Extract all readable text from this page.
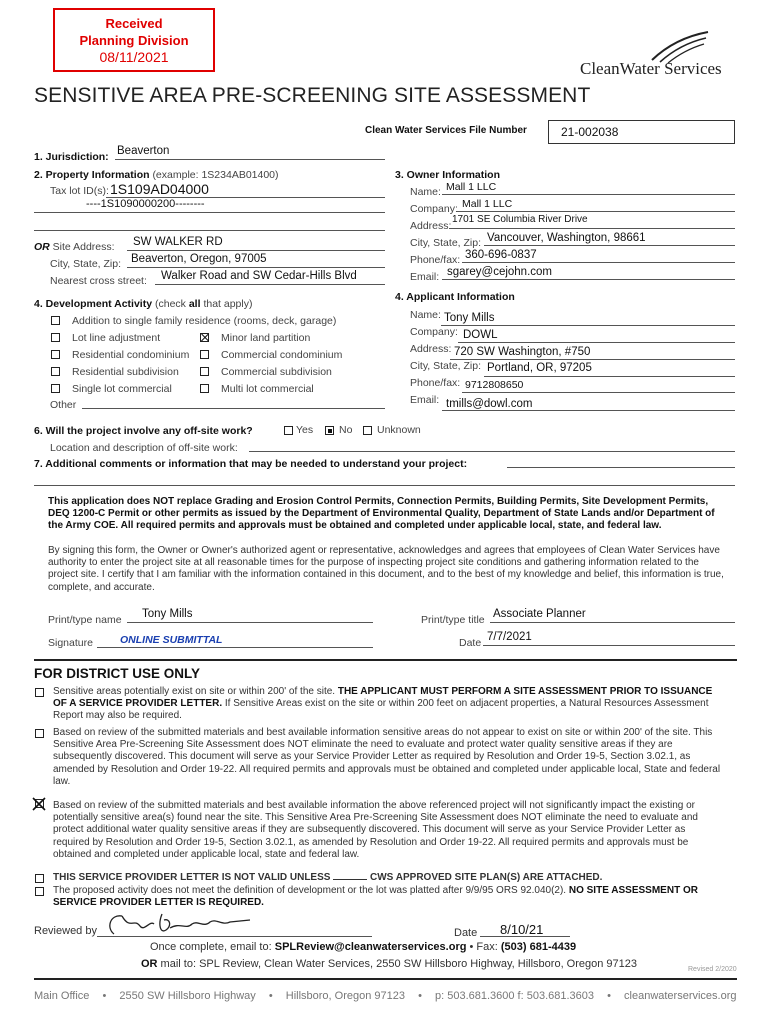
Received
Planning Division
08/11/2021
CleanWater Services
SENSITIVE AREA PRE-SCREENING SITE ASSESSMENT
Clean Water Services File Number	21-002038
1. Jurisdiction: Beaverton
2. Property Information (example: 1S234AB01400)
Tax lot ID(s): 1S109AD04000
----1S1090000200--------
OR Site Address: SW WALKER RD
City, State, Zip: Beaverton, Oregon, 97005
Nearest cross street: Walker Road and SW Cedar-Hills Blvd
3. Owner Information
Name: Mall 1 LLC
Company: Mall 1 LLC
Address:
1701 SE Columbia River Drive
City, State, Zip: Vancouver, Washington, 98661
Phone/fax: 360-696-0837
Email: sgarey@cejohn.com
4. Development Activity (check all that apply)
Addition to single family residence (rooms, deck, garage)
Lot line adjustment	Minor land partition
Residential condominium	Commercial condominium
Residential subdivision	Commercial subdivision
Single lot commercial	Multi lot commercial
Other
4. Applicant Information
Name: Tony Mills
Company: DOWL
Address: 720 SW Washington, #750
City, State, Zip: Portland, OR, 97205
Phone/fax: 9712808650
Email: tmills@dowl.com
6. Will the project involve any off-site work?	Yes No Unknown
Location and description of off-site work:
7. Additional comments or information that may be needed to understand your project:
This application does NOT replace Grading and Erosion Control Permits, Connection Permits, Building Permits, Site Development Permits, DEQ 1200-C Permit or other permits as issued by the Department of Environmental Quality, Department of State Lands and/or Department of the Army COE. All required permits and approvals must be obtained and completed under applicable local, state, and federal law.
By signing this form, the Owner or Owner's authorized agent or representative, acknowledges and agrees that employees of Clean Water Services have authority to enter the project site at all reasonable times for the purpose of inspecting project site conditions and gathering information related to the project site. I certify that I am familiar with the information contained in this document, and to the best of my knowledge and belief, this information is true, complete, and accurate.
Print/type name Tony Mills	Print/type title Associate Planner
Signature	ONLINE SUBMITTAL	Date 7/7/2021
FOR DISTRICT USE ONLY
Sensitive areas potentially exist on site or within 200' of the site. THE APPLICANT MUST PERFORM A SITE ASSESSMENT PRIOR TO ISSUANCE OF A SERVICE PROVIDER LETTER. If Sensitive Areas exist on the site or within 200 feet on adjacent properties, a Natural Resources Assessment Report may also be required.
Based on review of the submitted materials and best available information sensitive areas do not appear to exist on site or within 200' of the site. This Sensitive Area Pre-Screening Site Assessment does NOT eliminate the need to evaluate and protect water quality sensitive areas if they are subsequently discovered. This document will serve as your Service Provider Letter as required by Resolution and Order 19-5, Section 3.02.1, as amended by Resolution and Order 19-22. All required permits and approvals must be obtained and completed under applicable local, State and federal law.
Based on review of the submitted materials and best available information the above referenced project will not significantly impact the existing or potentially sensitive area(s) found near the site. This Sensitive Area Pre-Screening Site Assessment does NOT eliminate the need to evaluate and protect additional water quality sensitive areas if they are subsequently discovered. This document will serve as your Service Provider Letter as required by Resolution and Order 19-5, Section 3.02.1, as amended by Resolution and Order 19-22. All required permits and approvals must be obtained and completed under applicable local, state and federal law.
THIS SERVICE PROVIDER LETTER IS NOT VALID UNLESS	CWS APPROVED SITE PLAN(S) ARE ATTACHED.
The proposed activity does not meet the definition of development or the lot was platted after 9/9/95 ORS 92.040(2). NO SITE ASSESSMENT OR SERVICE PROVIDER LETTER IS REQUIRED.
Reviewed by	Date 8/10/21
Once complete, email to: SPLReview@cleanwaterservices.org • Fax: (503) 681-4439
OR mail to: SPL Review, Clean Water Services, 2550 SW Hillsboro Highway, Hillsboro, Oregon 97123	Revised 2/2020
Main Office • 2550 SW Hillsboro Highway • Hillsboro, Oregon 97123 • p: 503.681.3600 f: 503.681.3603 • cleanwaterservices.org
